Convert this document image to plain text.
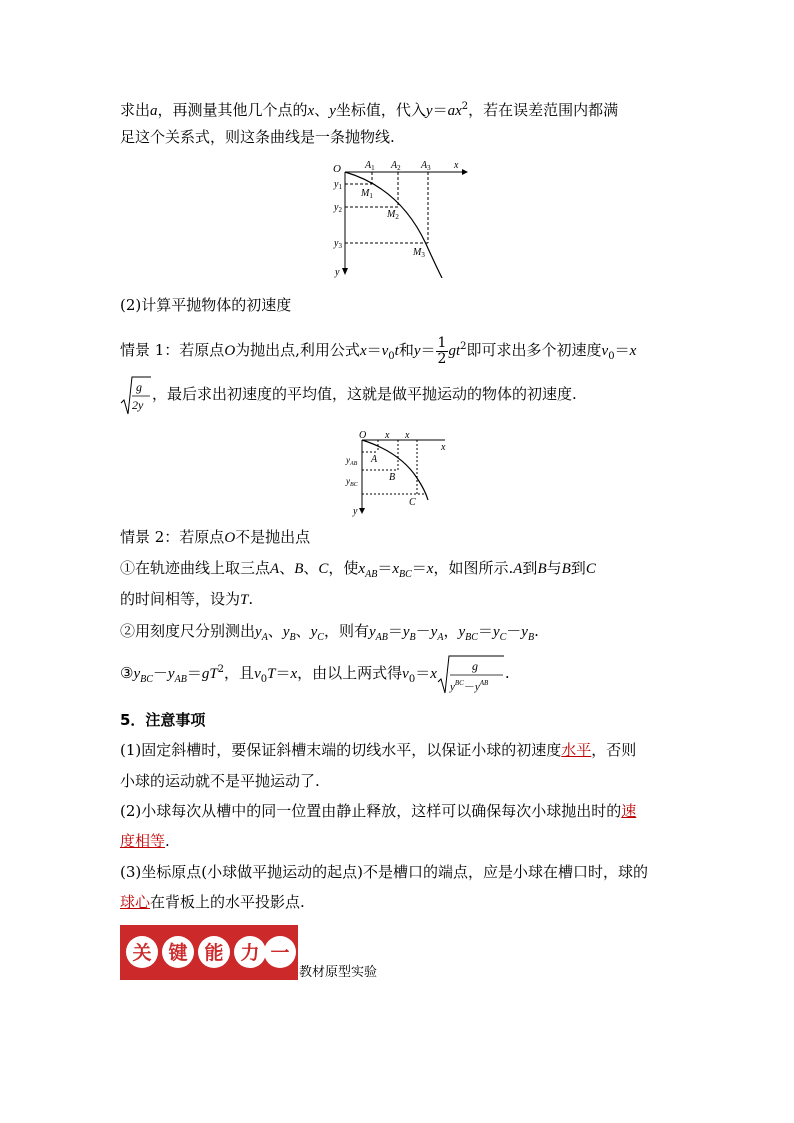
求出a，再测量其他几个点的x、y坐标值，代入$y=ax^2$，若在误差范围内都满
足这个关系式，则这条曲线是一条抛物线.
O $A_1$ $A_2$ $A_3$ x
$y_1$
$y_2$
$y_3$
y
$M_1$
$M_2$
$M_3$
(2)计算平抛物体的初速度
情景 1：若原点O为抛出点,利用公式$x=v_0t$和$y= \frac{1}{2} gt^2$即可求出多个初速度$v_0=x$
g
2y
，最后求出初速度的平均值，这就是做平抛运动的物体的初速度.
O x x
x
$y_{AB}$
$y_{BC}$
A
B
C
y
情景 2：若原点O不是抛出点
①在轨迹曲线上取三点A、B、C，使$x_{AB}=x_{BC}=x$，如图所示.A到B与B到C
的时间相等，设为T.
②用刻度尺分别测出$y_A$、$y_B$、$y_C$，则有$y_{AB}=y_B-y_A$，$y_{BC}=y_C-y_B$.
$③y_{BC}-y_{AB}=gT^2$，且$v_0T=x$，由以上两式得$v_0=x$	g
$y^{BC}-y^{AB}$
.
5．注意事项
(1)固定斜槽时，要保证斜槽末端的切线水平，以保证小球的初速度水平，否则
小球的运动就不是平抛运动了.
(2)小球每次从槽中的同一位置由静止释放，这样可以确保每次小球抛出时的速
度相等.
(3)坐标原点(小球做平抛运动的起点)不是槽口的端点，应是小球在槽口时，球的
球心在背板上的水平投影点.
关 键 能 力 一
教材原型实验
